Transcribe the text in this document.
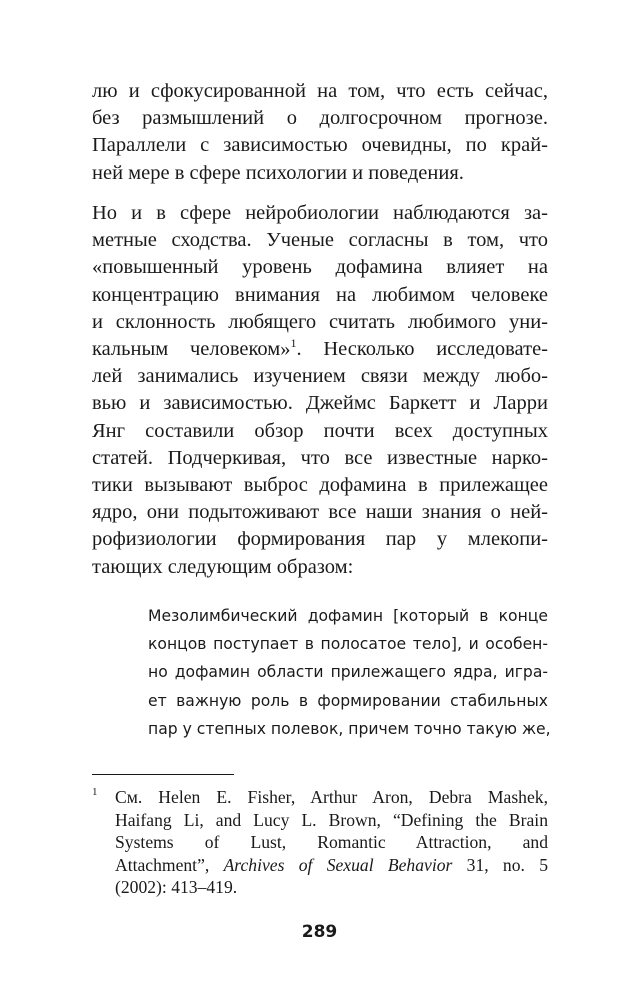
лю и сфокусированной на том, что есть сейчас,
без размышлений о долгосрочном прогнозе.
Параллели с зависимостью очевидны, по край-
ней мере в сфере психологии и поведения.

Но и в сфере нейробиологии наблюдаются за-
метные сходства. Ученые согласны в том, что
«повышенный уровень дофамина влияет на
концентрацию внимания на любимом человеке
и склонность любящего считать любимого уни-
кальным человеком»$^1$. Несколько исследовате-
лей занимались изучением связи между любо-
вью и зависимостью. Джеймс Баркетт и Ларри
Янг составили обзор почти всех доступных
статей. Подчеркивая, что все известные нарко-
тики вызывают выброс дофамина в прилежащее
ядро, они подытоживают все наши знания о ней-
рофизиологии формирования пар у млекопи-
тающих следующим образом:

Мезолимбический дофамин [который в конце
концов поступает в полосатое тело], и особен-
но дофамин области прилежащего ядра, игра-
ет важную роль в формировании стабильных
пар у степных полевок, причем точно такую же,
1 См. Helen E. Fisher, Arthur Aron, Debra Mashek,
Haifang Li, and Lucy L. Brown, “Defining the Brain
Systems of Lust, Romantic Attraction, and
Attachment”, Archives of Sexual Behavior 31, no. 5
(2002): 413–419.
289
